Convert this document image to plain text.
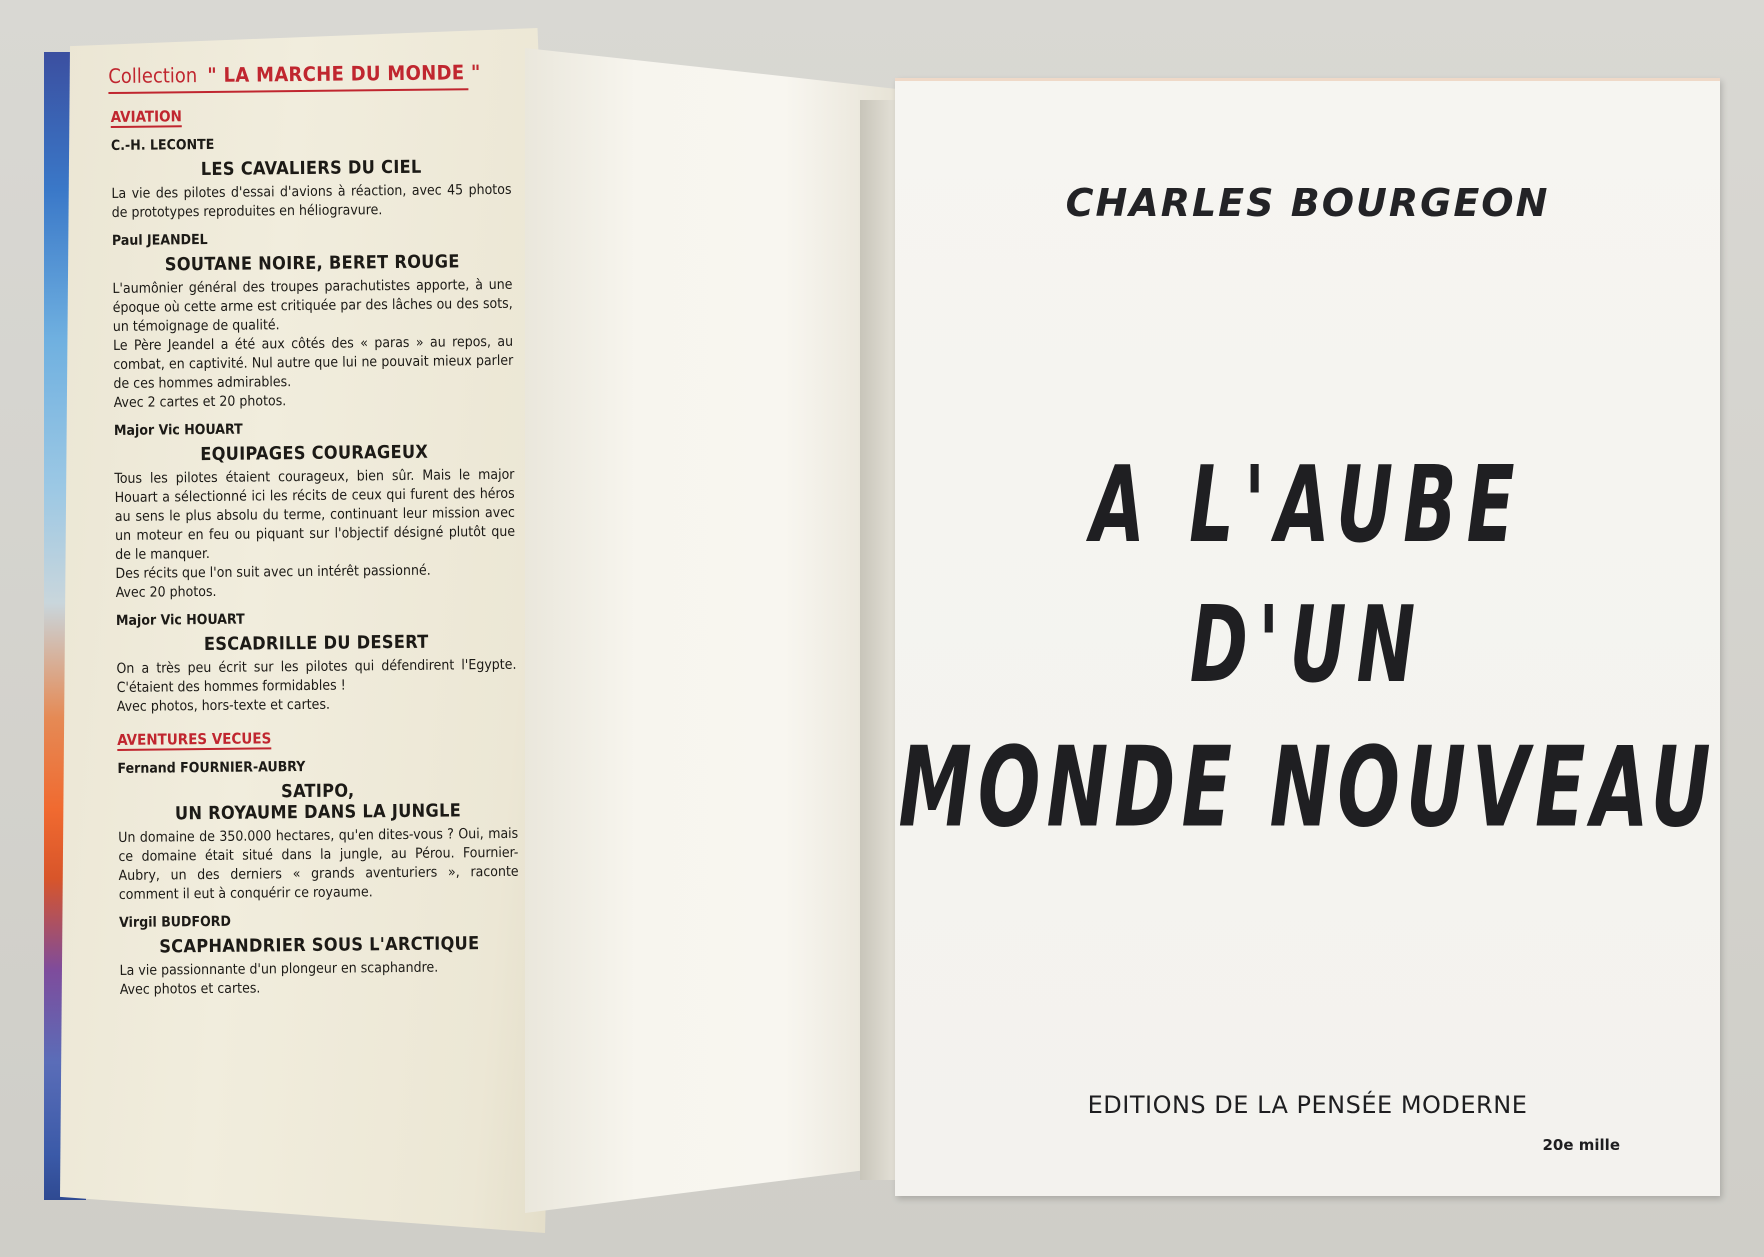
Collection " LA MARCHE DU MONDE "
AVIATION
C.-H. LECONTE
LES CAVALIERS DU CIEL
La vie des pilotes d'essai d'avions à réaction, avec 45 photos de prototypes reproduites en héliogravure.
Paul JEANDEL
SOUTANE NOIRE, BERET ROUGE
L'aumônier général des troupes parachutistes apporte, à une époque où cette arme est critiquée par des lâches ou des sots, un témoignage de qualité.
Le Père Jeandel a été aux côtés des « paras » au repos, au combat, en captivité. Nul autre que lui ne pouvait mieux parler de ces hommes admirables.
Avec 2 cartes et 20 photos.
Major Vic HOUART
EQUIPAGES COURAGEUX
Tous les pilotes étaient courageux, bien sûr. Mais le major Houart a sélectionné ici les récits de ceux qui furent des héros au sens le plus absolu du terme, continuant leur mission avec un moteur en feu ou piquant sur l'objectif désigné plutôt que de le manquer.
Des récits que l'on suit avec un intérêt passionné.
Avec 20 photos.
Major Vic HOUART
ESCADRILLE DU DESERT
On a très peu écrit sur les pilotes qui défendirent l'Egypte. C'étaient des hommes formidables !
Avec photos, hors-texte et cartes.
AVENTURES VECUES
Fernand FOURNIER-AUBRY
SATIPO,
UN ROYAUME DANS LA JUNGLE
Un domaine de 350.000 hectares, qu'en dites-vous ? Oui, mais ce domaine était situé dans la jungle, au Pérou. Fournier-Aubry, un des derniers « grands aventuriers », raconte comment il eut à conquérir ce royaume.
Virgil BUDFORD
SCAPHANDRIER SOUS L'ARCTIQUE
La vie passionnante d'un plongeur en scaphandre.
Avec photos et cartes.
CHARLES BOURGEON
A L'AUBE
D'UN
MONDE NOUVEAU
EDITIONS DE LA PENSÉE MODERNE
20e mille
